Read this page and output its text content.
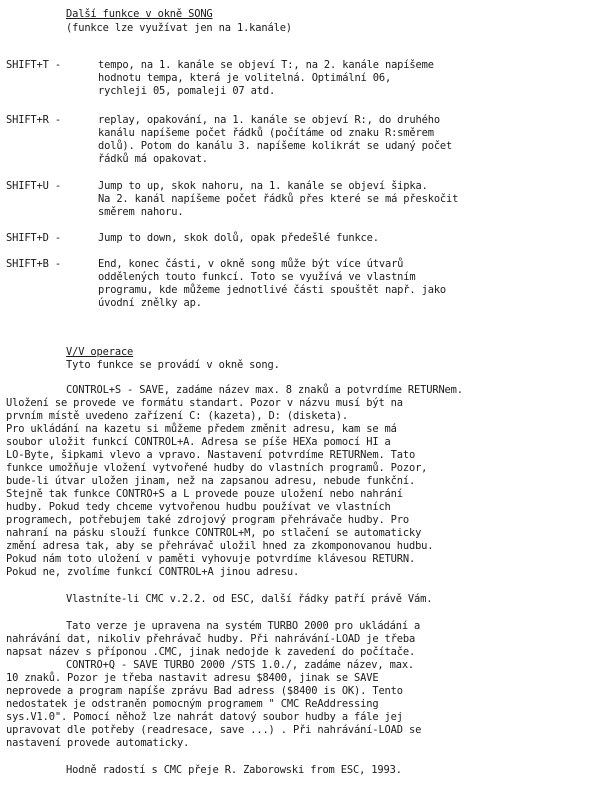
Další funkce v okně SONG
(funkce lze využívat jen na 1.kanále)
SHIFT+T -	tempo, na 1. kanále se objeví T:, na 2. kanále napíšeme
hodnotu tempa, která je volitelná. Optimální 06,
rychleji 05, pomaleji 07 atd.
SHIFT+R -	replay, opakování, na 1. kanále se objeví R:, do druhého
kanálu napíšeme počet řádků (počítáme od znaku R:směrem
dolů). Potom do kanálu 3. napíšeme kolikrát se udaný počet
řádků má opakovat.
SHIFT+U -	Jump to up, skok nahoru, na 1. kanále se objeví šipka.
Na 2. kanál napíšeme počet řádků přes které se má přeskočit
směrem nahoru.
SHIFT+D -	Jump to down, skok dolů, opak předešlé funkce.
SHIFT+B -	End, konec části, v okně song může být více útvarů
oddělených touto funkcí. Toto se využívá ve vlastním
programu, kde můžeme jednotlivé části spouštět např. jako
úvodní znělky ap.
V/V operace
Tyto funkce se provádí v okně song.
CONTROL+S - SAVE, zadáme název max. 8 znaků a potvrdíme RETURNem.
Uložení se provede ve formátu standart. Pozor v názvu musí být na
prvním místě uvedeno zařízení C: (kazeta), D: (disketa).
Pro ukládání na kazetu si můžeme předem změnit adresu, kam se má
soubor uložit funkcí CONTROL+A. Adresa se píše HEXa pomocí HI a
LO-Byte, šipkami vlevo a vpravo. Nastavení potvrdíme RETURNem. Tato
funkce umožňuje vložení vytvořené hudby do vlastních programů. Pozor,
bude-li útvar uložen jinam, než na zapsanou adresu, nebude funkční.
Stejně tak funkce CONTRO+S a L provede pouze uložení nebo nahrání
hudby. Pokud tedy chceme vytvořenou hudbu používat ve vlastních
programech, potřebujem také zdrojový program přehrávače hudby. Pro
nahraní na pásku slouží funkce CONTROL+M, po stlačení se automaticky
změní adresa tak, aby se přehrávač uložil hned za zkomponovanou hudbu.
Pokud nám toto uložení v paměti vyhovuje potvrdíme klávesou RETURN.
Pokud ne, zvolíme funkcí CONTROL+A jinou adresu.
Vlastníte-li CMC v.2.2. od ESC, další řádky patří právě Vám.
Tato verze je upravena na systém TURBO 2000 pro ukládání a
nahrávání dat, nikoliv přehrávač hudby. Při nahrávání-LOAD je třeba
napsat název s příponou .CMC, jinak nedojde k zavedení do počítače.
CONTRO+Q - SAVE TURBO 2000 /STS 1.0./, zadáme název, max.
10 znaků. Pozor je třeba nastavit adresu $8400, jinak se SAVE
neprovede a program napíše zprávu Bad adress ($8400 is OK). Tento
nedostatek je odstraněn pomocným programem " CMC ReAddressing
sys.V1.0". Pomocí něhož lze nahrát datový soubor hudby a fále jej
upravovat dle potřeby (readresace, save ...) . Při nahrávání-LOAD se
nastavení provede automaticky.
Hodně radostí s CMC přeje R. Zaborowski from ESC, 1993.
